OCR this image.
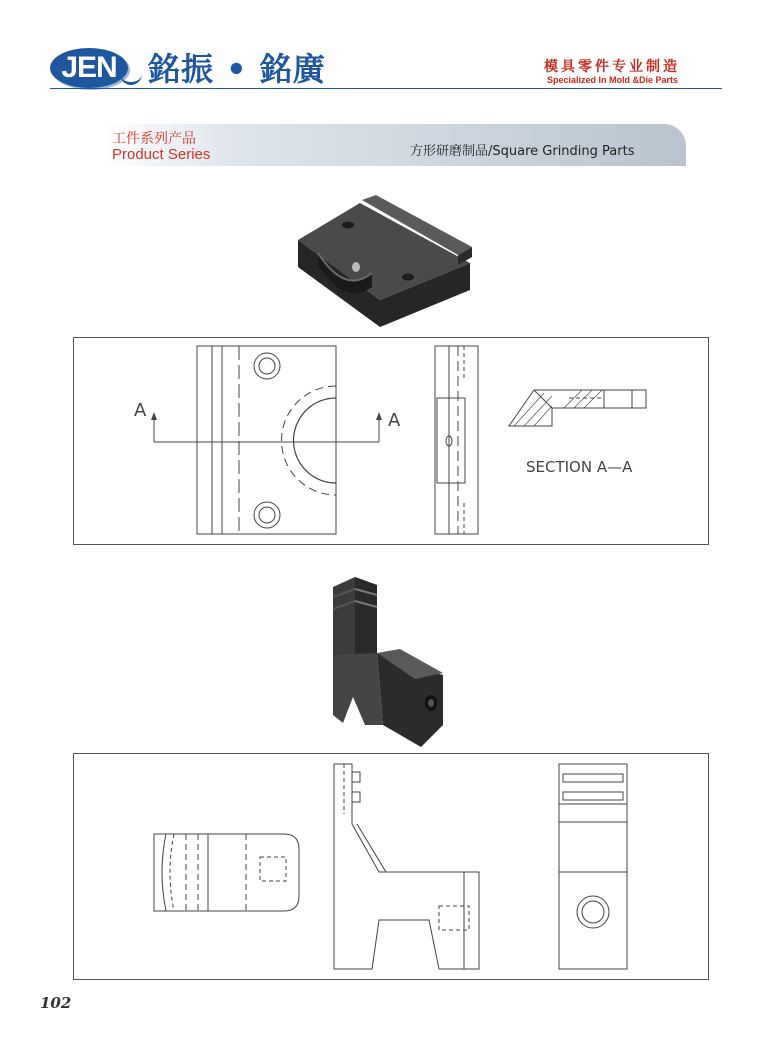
JEN 銘振 • 銘廣	模具零件专业制造
Specialized In Mold &Die Parts
工件系列产品
Product Series	方形研磨制品/Square Grinding Parts
A	A
SECTION A—A
102
